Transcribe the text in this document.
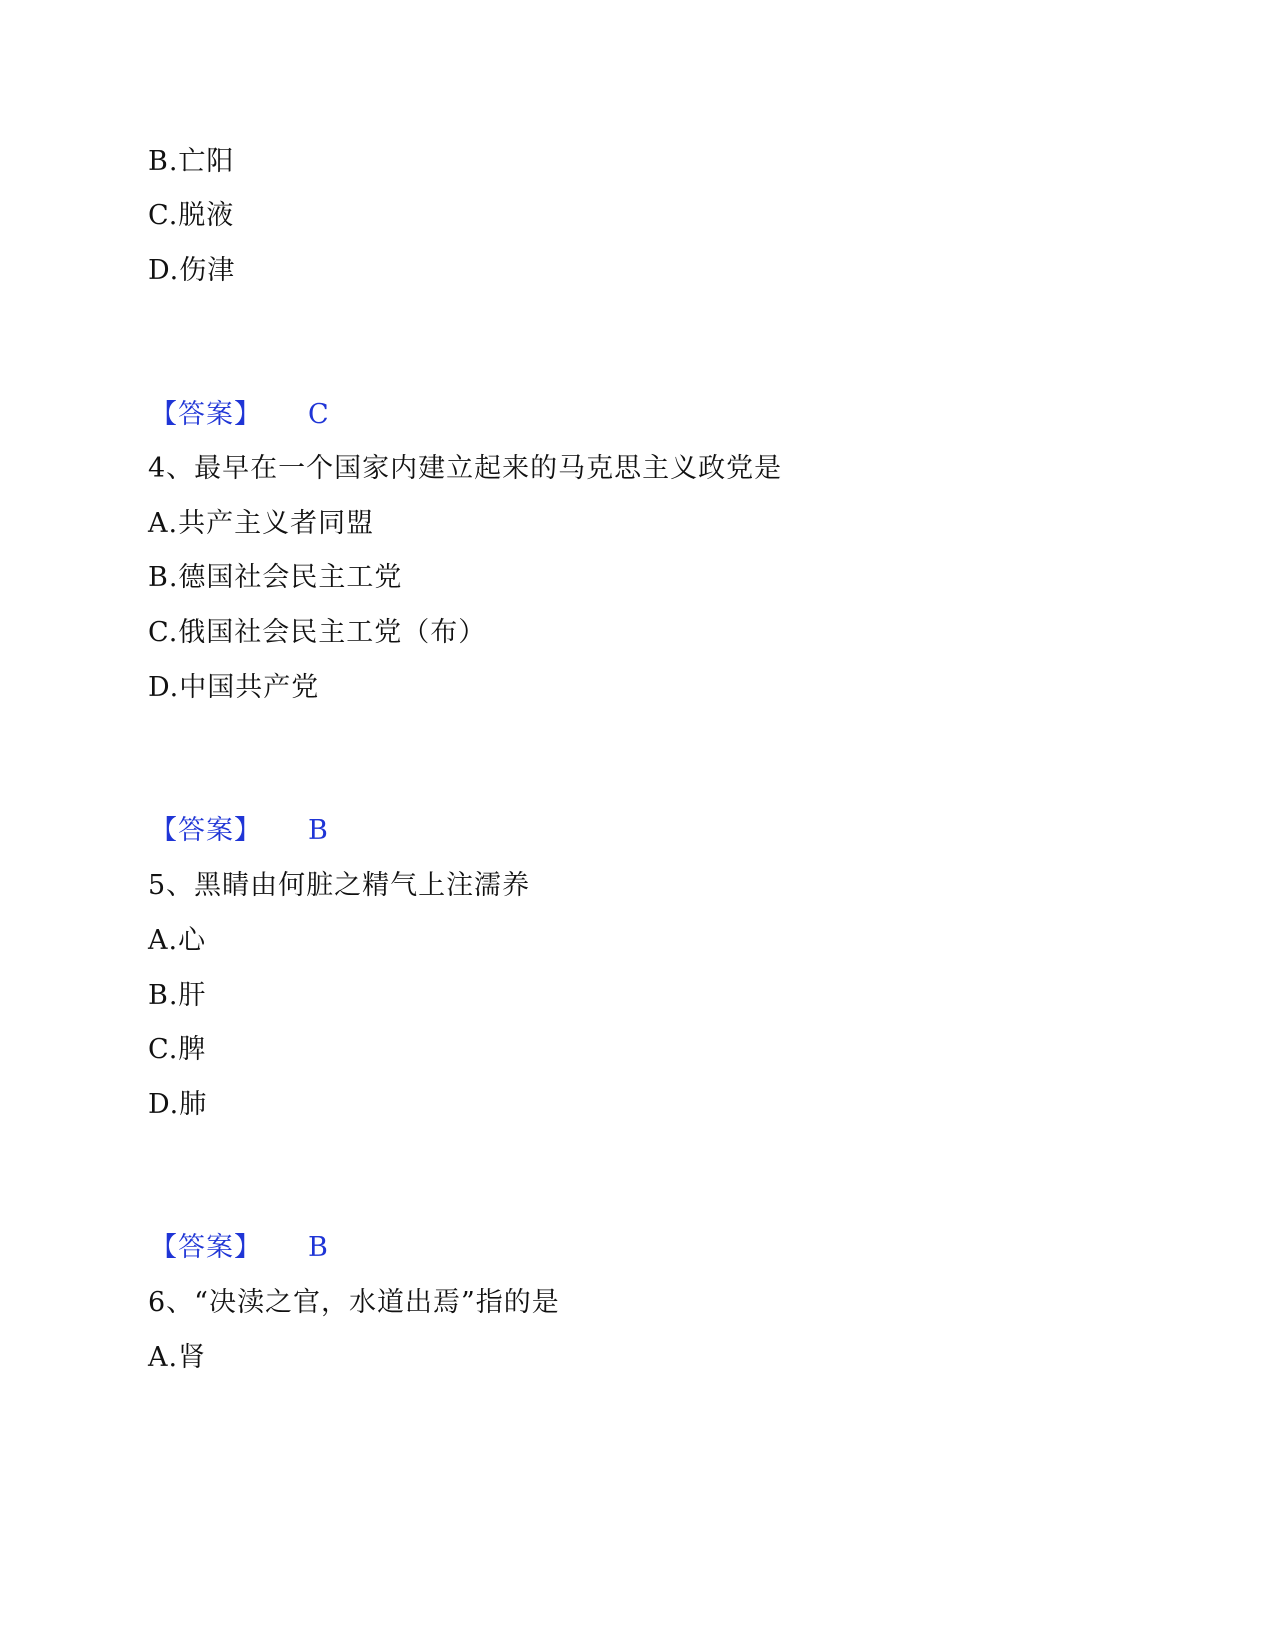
B.亡阳
C.脱液
D.伤津
【答案】 C
4、最早在一个国家内建立起来的马克思主义政党是
A.共产主义者同盟
B.德国社会民主工党
C.俄国社会民主工党（布）
D.中国共产党
【答案】 B
5、黑睛由何脏之精气上注濡养
A.心
B.肝
C.脾
D.肺
【答案】 B
6、“决渎之官，水道出焉”指的是
A.肾
